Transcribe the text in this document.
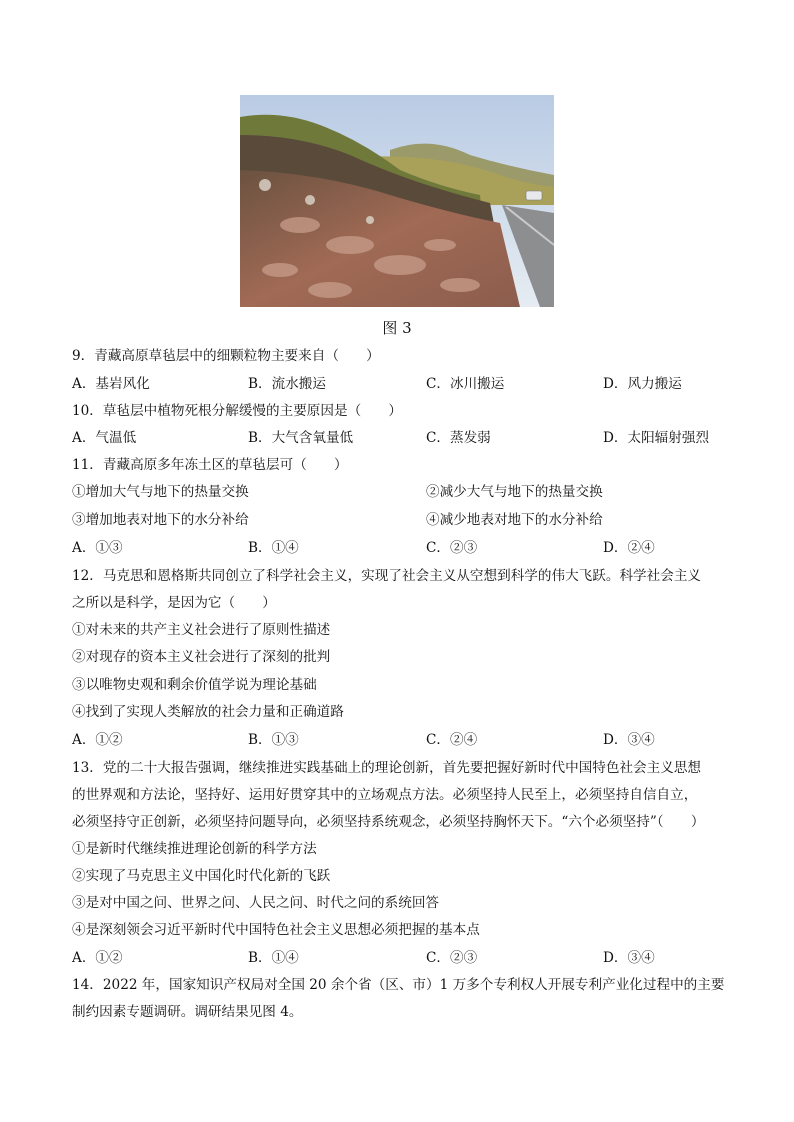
图 3
9．青藏高原草毡层中的细颗粒物主要来自（　　）
A．基岩风化	B．流水搬运	C．冰川搬运	D．风力搬运
10．草毡层中植物死根分解缓慢的主要原因是（　　）
A．气温低	B．大气含氧量低	C．蒸发弱	D．太阳辐射强烈
11．青藏高原多年冻土区的草毡层可（　　）
①增加大气与地下的热量交换	②减少大气与地下的热量交换
③增加地表对地下的水分补给	④减少地表对地下的水分补给
A．①③	B．①④	C．②③	D．②④
12．马克思和恩格斯共同创立了科学社会主义，实现了社会主义从空想到科学的伟大飞跃。科学社会主义
之所以是科学，是因为它（　　）
①对未来的共产主义社会进行了原则性描述
②对现存的资本主义社会进行了深刻的批判
③以唯物史观和剩余价值学说为理论基础
④找到了实现人类解放的社会力量和正确道路
A．①②	B．①③	C．②④	D．③④
13．党的二十大报告强调，继续推进实践基础上的理论创新，首先要把握好新时代中国特色社会主义思想
的世界观和方法论，坚持好、运用好贯穿其中的立场观点方法。必须坚持人民至上，必须坚持自信自立，
必须坚持守正创新，必须坚持问题导向，必须坚持系统观念，必须坚持胸怀天下。“六个必须坚持”（　　）
①是新时代继续推进理论创新的科学方法
②实现了马克思主义中国化时代化新的飞跃
③是对中国之问、世界之问、人民之问、时代之问的系统回答
④是深刻领会习近平新时代中国特色社会主义思想必须把握的基本点
A．①②	B．①④	C．②③	D．③④
14．2022 年，国家知识产权局对全国 20 余个省（区、市）1 万多个专利权人开展专利产业化过程中的主要
制约因素专题调研。调研结果见图 4。
